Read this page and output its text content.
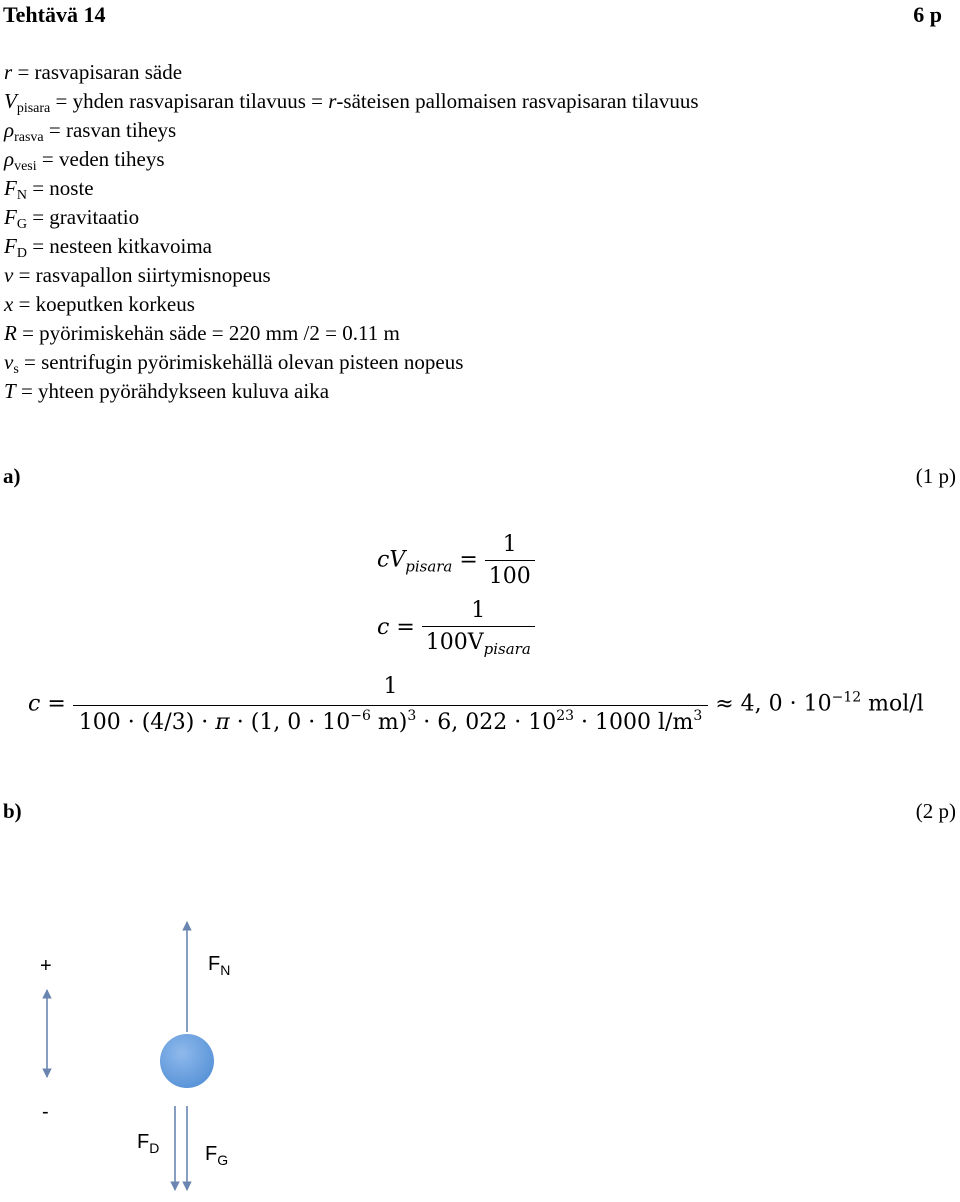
Tehtävä 14	6 p
r = rasvapisaran säde
$V_{pisara}$ = yhden rasvapisaran tilavuus = r-säteisen pallomaisen rasvapisaran tilavuus
$\rho_{rasva}$ = rasvan tiheys
$\rho_{vesi}$ = veden tiheys
$F_N$ = noste
$F_G$ = gravitaatio
$F_D$ = nesteen kitkavoima
v = rasvapallon siirtymisnopeus
x = koeputken korkeus
R = pyörimiskehän säde = 220 mm /2 = 0.11 m
$v_s$ = sentrifugin pyörimiskehällä olevan pisteen nopeus
T = yhteen pyörähdykseen kuluva aika
a)	(1 p)
$cV_{pisara} = \frac{1}{100}$
$c = \frac{1}{100V_{pisara}}$
c =
1
100 · (4/3) · π · (1, $0 \cdot 10^{-6}$ m)$^3$ · 6, $022 \cdot 10^{23} \cdot 1000$ $l/m^3 \approx 4$, $0 \cdot 10^{-12}$ mol/l
b)	(2 p)
+
-
$F_N$
$F_D$ $F_G$
